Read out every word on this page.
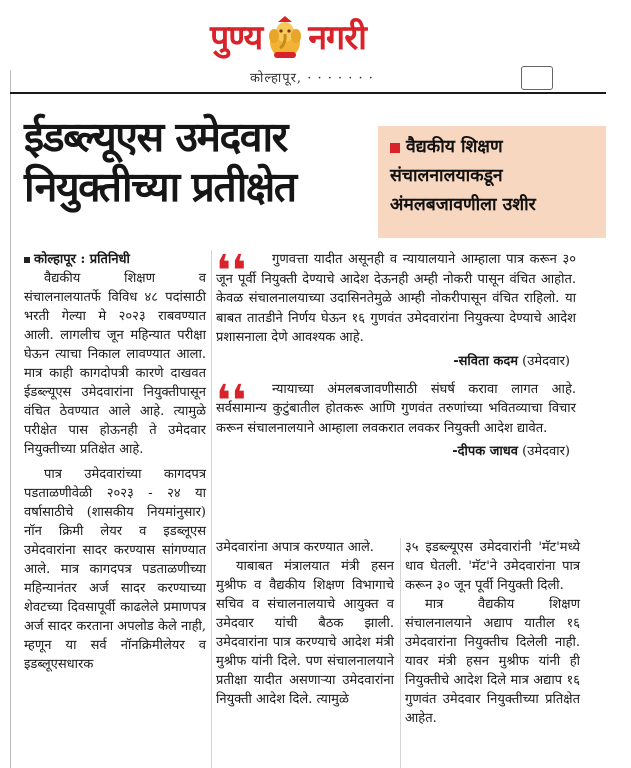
पुण्य नगरी
कोल्हापूर, · · · · · · ·
ईडब्ल्यूएस उमेदवार
नियुक्तीच्या प्रतीक्षेत
वैद्यकीय शिक्षण
संचालनालयाकडून
अंमलबजावणीला उशीर

कोल्हापूर : प्रतिनिधी

वैद्यकीय शिक्षण व संचालनालयातर्फे विविध ४८ पदांसाठी भरती गेल्या मे २०२३ राबवण्यात आली. लागलीच जून महिन्यात परीक्षा घेऊन त्याचा निकाल लावण्यात आला. मात्र काही कागदोपत्री कारणे दाखवत ईडब्ल्यूएस उमेदवारांना नियुक्तीपासून वंचित ठेवण्यात आले आहे. त्यामुळे परीक्षेत पास होऊनही ते उमेदवार नियुक्तीच्या प्रतिक्षेत आहे.

पात्र उमेदवारांच्या कागदपत्र पडताळणीवेळी २०२३ - २४ या वर्षासाठीचे (शासकीय नियमांनुसार) नॉन क्रिमी लेयर व इडब्लूएस उमेदवारांना सादर करण्यास सांगण्यात आले. मात्र कागदपत्र पडताळणीच्या महिन्यानंतर अर्ज सादर करण्याच्या शेवटच्या दिवसापूर्वी काढलेले प्रमाणपत्र अर्ज सादर करताना अपलोड केले नाही, म्हणून या सर्व नॉनक्रिमीलेयर व इडब्लूएसधारक

❛❛	गुणवत्ता यादीत असूनही व न्यायालयाने आम्हाला पात्र करून ३० जून पूर्वी नियुक्ती देण्याचे आदेश देऊनही अम्ही नोकरी पासून वंचित आहोत. केवळ संचालनालयाच्या उदासिनतेमुळे आम्ही नोकरीपासून वंचित राहिलो. या बाबत तातडीने निर्णय घेऊन १६ गुणवंत उमेदवारांना नियुक्त्या देण्याचे आदेश प्रशासनाला देणे आवश्यक आहे.

-सविता कदम (उमेदवार)
❛❛	न्यायाच्या अंमलबजावणीसाठी संघर्ष करावा लागत आहे. सर्वसामान्य कुटुंबातील होतकरू आणि गुणवंत तरुणांच्या भवितव्याचा विचार करून संचालनालयाने आम्हाला लवकरात लवकर नियुक्ती आदेश द्यावेत.

-दीपक जाधव (उमेदवार)

उमेदवारांना अपात्र करण्यात आले.

याबाबत मंत्रालयात मंत्री हसन मुश्रीफ व वैद्यकीय शिक्षण विभागाचे सचिव व संचालनालयाचे आयुक्त व उमेदवार यांची बैठक झाली. उमेदवारांना पात्र करण्याचे आदेश मंत्री मुश्रीफ यांनी दिले. पण संचालनालयाने प्रतीक्षा यादीत असणाऱ्या उमेदवारांना नियुक्ती आदेश दिले. त्यामुळे

३५ इडब्ल्यूएस उमेदवारांनी 'मॅट'मध्ये धाव घेतली. 'मॅट'ने उमेदवारांना पात्र करून ३० जून पूर्वी नियुक्ती दिली.

मात्र वैद्यकीय शिक्षण संचालनालयाने अद्याप यातील १६ उमेदवारांना नियुक्तीच दिलेली नाही. यावर मंत्री हसन मुश्रीफ यांनी ही नियुक्तीचे आदेश दिले मात्र अद्याप १६ गुणवंत उमेदवार नियुक्तीच्या प्रतिक्षेत आहेत.
